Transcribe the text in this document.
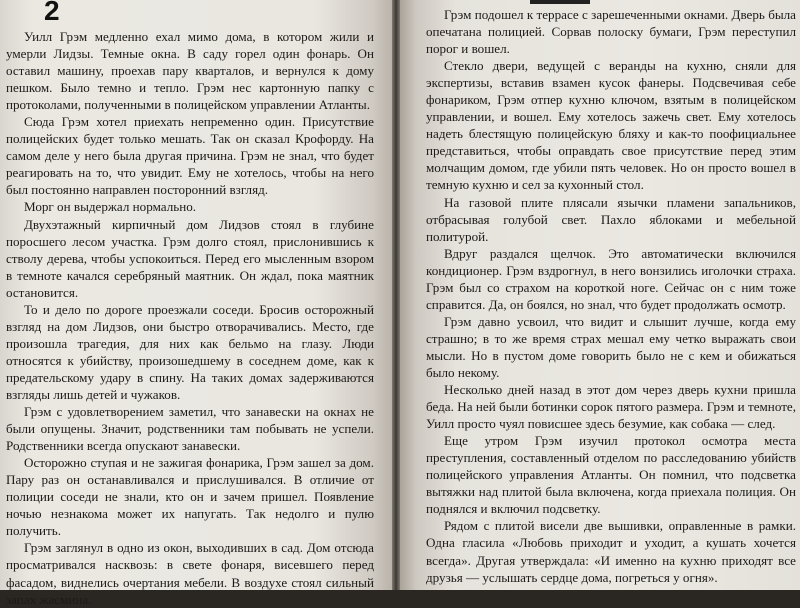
2

Уилл Грэм медленно ехал мимо дома, в котором жили и умерли Лидзы. Темные окна. В саду горел один фонарь. Он оставил машину, проехав пару кварталов, и вернулся к дому пешком. Было темно и тепло. Грэм нес картонную папку с протоколами, полученными в полицейском управлении Атланты.

Сюда Грэм хотел приехать непременно один. Присутствие полицейских будет только мешать. Так он сказал Крофорду. На самом деле у него была другая причина. Грэм не знал, что будет реагировать на то, что увидит. Ему не хотелось, чтобы на него был постоянно направлен посторонний взгляд.

Морг он выдержал нормально.

Двухэтажный кирпичный дом Лидзов стоял в глубине поросшего лесом участка. Грэм долго стоял, прислонившись к стволу дерева, чтобы успокоиться. Перед его мысленным взором в темноте качался серебряный маятник. Он ждал, пока маятник остановится.

То и дело по дороге проезжали соседи. Бросив осторожный взгляд на дом Лидзов, они быстро отворачивались. Место, где произошла трагедия, для них как бельмо на глазу. Люди относятся к убийству, произошедшему в соседнем доме, как к предательскому удару в спину. На таких домах задерживаются взгляды лишь детей и чужаков.

Грэм с удовлетворением заметил, что занавески на окнах не были опущены. Значит, родственники там побывать не успели. Родственники всегда опускают занавески.

Осторожно ступая и не зажигая фонарика, Грэм зашел за дом. Пару раз он останавливался и прислушивался. В отличие от полиции соседи не знали, кто он и зачем пришел. Появление ночью незнакома может их напугать. Так недолго и пулю получить.

Грэм заглянул в одно из окон, выходивших в сад. Дом отсюда просматривался насквозь: в свете фонаря, висевшего перед фасадом, виднелись очертания мебели. В воздухе стоял сильный запах жасмина.

Грэм подошел к террасе с зарешеченными окнами. Дверь была опечатана полицией. Сорвав полоску бумаги, Грэм переступил порог и вошел.

Стекло двери, ведущей с веранды на кухню, сняли для экспертизы, вставив взамен кусок фанеры. Подсвечивая себе фонариком, Грэм отпер кухню ключом, взятым в полицейском управлении, и вошел. Ему хотелось зажечь свет. Ему хотелось надеть блестящую полицейскую бляху и как-то поофициальнее представиться, чтобы оправдать свое присутствие перед этим молчащим домом, где убили пять человек. Но он просто вошел в темную кухню и сел за кухонный стол.

На газовой плите плясали язычки пламени запальников, отбрасывая голубой свет. Пахло яблоками и мебельной политурой.

Вдруг раздался щелчок. Это автоматически включился кондиционер. Грэм вздрогнул, в него вонзились иголочки страха. Грэм был со страхом на короткой ноге. Сейчас он с ним тоже справится. Да, он боялся, но знал, что будет продолжать осмотр.

Грэм давно усвоил, что видит и слышит лучше, когда ему страшно; в то же время страх мешал ему четко выражать свои мысли. Но в пустом доме говорить было не с кем и обижаться было некому.

Несколько дней назад в этот дом через дверь кухни пришла беда. На ней были ботинки сорок пятого размера. Грэм и темноте, Уилл просто чуял повисшее здесь безумие, как собака — след.

Еще утром Грэм изучил протокол осмотра места преступления, составленный отделом по расследованию убийств полицейского управления Атланты. Он помнил, что подсветка вытяжки над плитой была включена, когда приехала полиция. Он поднялся и включил подсветку.

Рядом с плитой висели две вышивки, оправленные в рамки. Одна гласила «Любовь приходит и уходит, а кушать хочется всегда». Другая утверждала: «И именно на кухню приходят все друзья — услышать сердце дома, погреться у огня».
